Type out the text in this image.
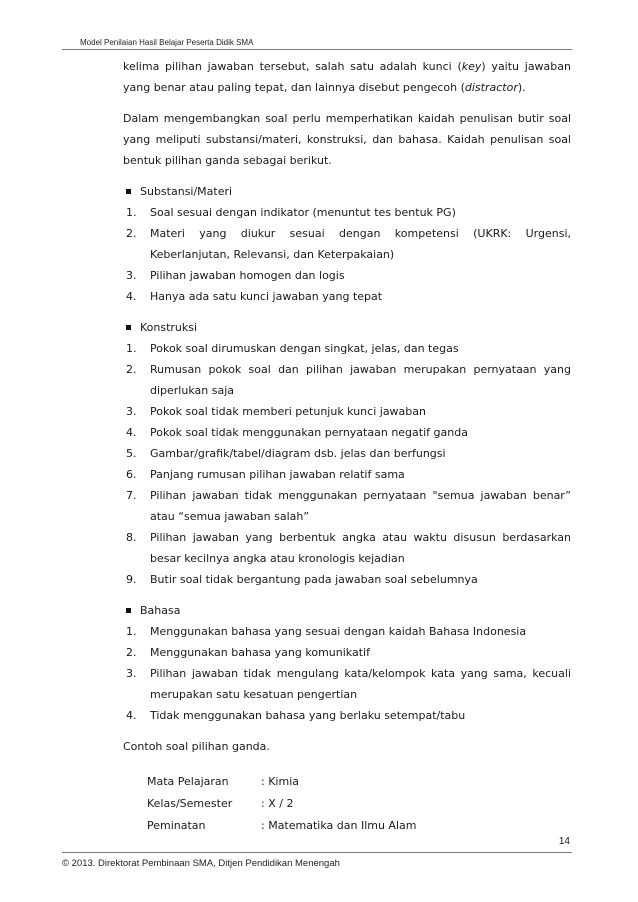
Model Penilaian Hasil Belajar Peserta Didik SMA

kelima pilihan jawaban tersebut, salah satu adalah kunci (key) yaitu jawaban yang benar atau paling tepat, dan lainnya disebut pengecoh (distractor).

Dalam mengembangkan soal perlu memperhatikan kaidah penulisan butir soal yang meliputi substansi/materi, konstruksi, dan bahasa. Kaidah penulisan soal bentuk pilihan ganda sebagai berikut.

Substansi/Materi
1.	Soal sesuai dengan indikator (menuntut tes bentuk PG)
2.	Materi yang diukur sesuai dengan kompetensi (UKRK: Urgensi, Keberlanjutan, Relevansi, dan Keterpakaian)
3.	Pilihan jawaban homogen dan logis
4.	Hanya ada satu kunci jawaban yang tepat
Konstruksi
1.	Pokok soal dirumuskan dengan singkat, jelas, dan tegas
2.	Rumusan pokok soal dan pilihan jawaban merupakan pernyataan yang diperlukan saja
3.	Pokok soal tidak memberi petunjuk kunci jawaban
4.	Pokok soal tidak menggunakan pernyataan negatif ganda
5.	Gambar/grafik/tabel/diagram dsb. jelas dan berfungsi
6.	Panjang rumusan pilihan jawaban relatif sama
7.	Pilihan jawaban tidak menggunakan pernyataan "semua jawaban benar” atau “semua jawaban salah”
8.	Pilihan jawaban yang berbentuk angka atau waktu disusun berdasarkan besar kecilnya angka atau kronologis kejadian
9.	Butir soal tidak bergantung pada jawaban soal sebelumnya
Bahasa
1.	Menggunakan bahasa yang sesuai dengan kaidah Bahasa Indonesia
2.	Menggunakan bahasa yang komunikatif
3.	Pilihan jawaban tidak mengulang kata/kelompok kata yang sama, kecuali merupakan satu kesatuan pengertian
4.	Tidak menggunakan bahasa yang berlaku setempat/tabu
Contoh soal pilihan ganda.
Mata Pelajaran	: Kimia
Kelas/Semester	: X / 2
Peminatan	: Matematika dan Ilmu Alam
14
© 2013. Direktorat Pembinaan SMA, Ditjen Pendidikan Menengah
